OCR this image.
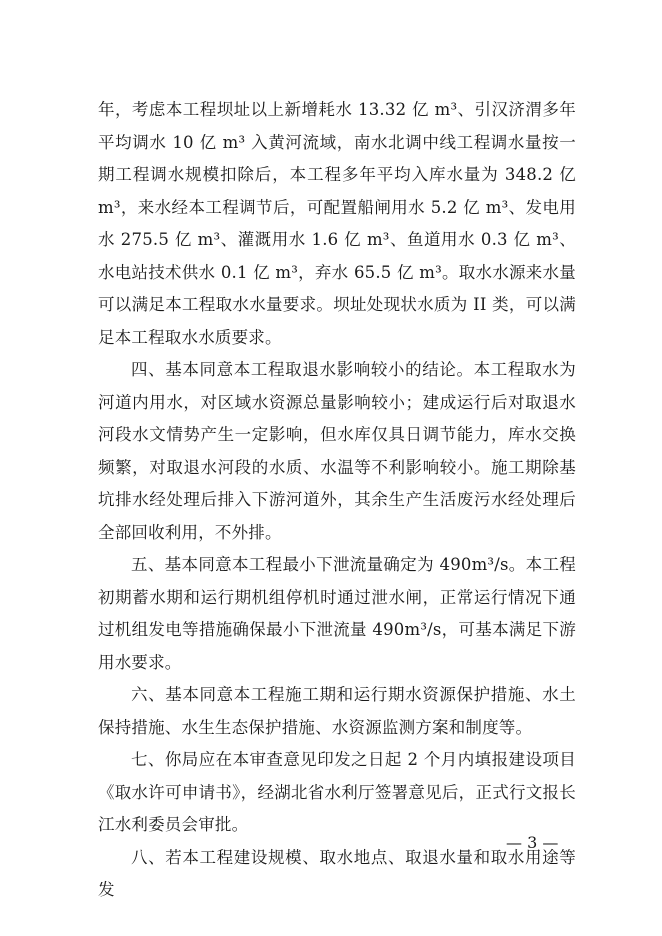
年，考虑本工程坝址以上新增耗水 13.32 亿 m³、引汉济渭多年平均调水 10 亿 m³ 入黄河流域，南水北调中线工程调水量按一期工程调水规模扣除后，本工程多年平均入库水量为 348.2 亿 m³，来水经本工程调节后，可配置船闸用水 5.2 亿 m³、发电用水 275.5 亿 m³、灌溉用水 1.6 亿 m³、鱼道用水 0.3 亿 m³、水电站技术供水 0.1 亿 m³，弃水 65.5 亿 m³。取水水源来水量可以满足本工程取水水量要求。坝址处现状水质为 II 类，可以满足本工程取水水质要求。

四、基本同意本工程取退水影响较小的结论。本工程取水为河道内用水，对区域水资源总量影响较小；建成运行后对取退水河段水文情势产生一定影响，但水库仅具日调节能力，库水交换频繁，对取退水河段的水质、水温等不利影响较小。施工期除基坑排水经处理后排入下游河道外，其余生产生活废污水经处理后全部回收利用，不外排。

五、基本同意本工程最小下泄流量确定为 490m³/s。本工程初期蓄水期和运行期机组停机时通过泄水闸，正常运行情况下通过机组发电等措施确保最小下泄流量 490m³/s，可基本满足下游用水要求。

六、基本同意本工程施工期和运行期水资源保护措施、水土保持措施、水生生态保护措施、水资源监测方案和制度等。

七、你局应在本审查意见印发之日起 2 个月内填报建设项目《取水许可申请书》，经湖北省水利厅签署意见后，正式行文报长江水利委员会审批。

八、若本工程建设规模、取水地点、取退水量和取水用途等发

— 3 —
